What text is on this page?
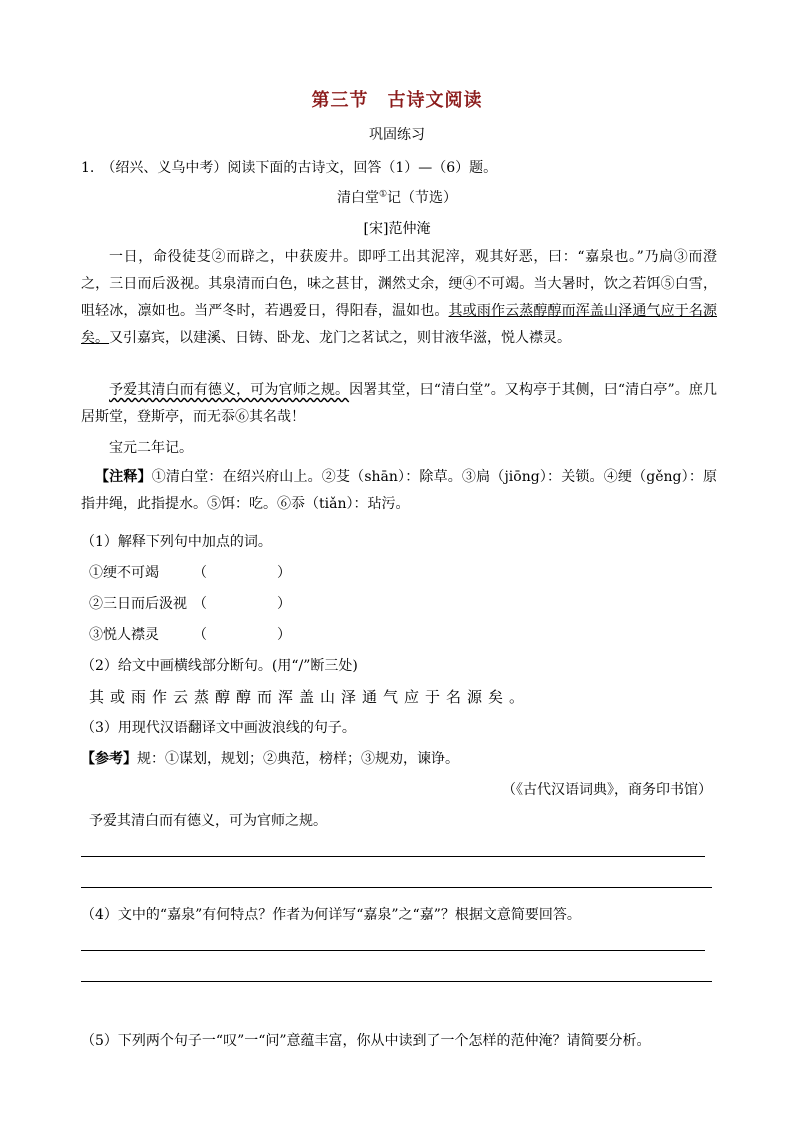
第三节　古诗文阅读
巩固练习
1.　（绍兴、义乌中考）阅读下面的古诗文，回答（1）—（6）题。
清白堂①记（节选）
[宋]范仲淹
一日，命役徒芟②而辟之，中获废井。即呼工出其泥滓，观其好恶，曰：“嘉泉也。”乃扃③而澄之，三日而后汲视。其泉清而白色，味之甚甘，渊然丈余，绠④不可竭。当大暑时，饮之若饵⑤白雪，咀轻冰，凛如也。当严冬时，若遇爱日，得阳春，温如也。其或雨作云蒸醇醇而浑盖山泽通气应于名源矣。又引嘉宾，以建溪、日铸、卧龙、龙门之茗试之，则甘液华滋，悦人襟灵。
予爱其清白而有德义，可为官师之规。因署其堂，曰“清白堂”。又构亭于其侧，曰“清白亭”。庶几居斯堂，登斯亭，而无忝⑥其名哉！
宝元二年记。
【注释】①清白堂：在绍兴府山上。②芟（shān）：除草。③扃（jiōng）：关锁。④绠（gěng）：原指井绳，此指提水。⑤饵：吃。⑥忝（tiǎn）：玷污。
（1）解释下列句中加点的词。
①绠不可竭 （	）
②三日而后汲视 （	）
③悦人襟灵 （	）
（2）给文中画横线部分断句。(用“/”断三处)
其或雨作云蒸醇醇而浑盖山泽通气应于名源矣。
（3）用现代汉语翻译文中画波浪线的句子。
【参考】规：①谋划，规划；②典范，榜样；③规劝，谏诤。
（《古代汉语词典》，商务印书馆）
予爱其清白而有德义，可为官师之规。
（4）文中的“嘉泉”有何特点？作者为何详写“嘉泉”之“嘉”？根据文意简要回答。
（5）下列两个句子一“叹”一“问”意蕴丰富，你从中读到了一个怎样的范仲淹？请简要分析。
